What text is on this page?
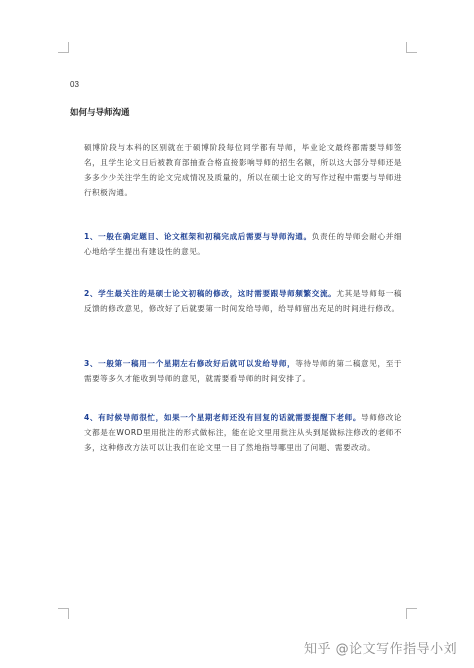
03
如何与导师沟通

硕博阶段与本科的区别就在于硕博阶段每位同学都有导师，毕业论文最终都需要导师签名，且学生论文日后被教育部抽查合格直接影响导师的招生名额，所以这大部分导师还是多多少少关注学生的论文完成情况及质量的，所以在硕士论文的写作过程中需要与导师进行积极沟通。

1、一般在确定题目、论文框架和初稿完成后需要与导师沟通。负责任的导师会耐心并细心地给学生提出有建设性的意见。

2、学生最关注的是硕士论文初稿的修改，这时需要跟导师频繁交流。尤其是导师每一稿反馈的修改意见，修改好了后就要第一时间发给导师，给导师留出充足的时间进行修改。

3、一般第一稿用一个星期左右修改好后就可以发给导师，等待导师的第二稿意见，至于需要等多久才能收到导师的意见，就需要看导师的时间安排了。

4、有时候导师很忙，如果一个星期老师还没有回复的话就需要提醒下老师。导师修改论文都是在WORD里用批注的形式做标注，能在论文里用批注从头到尾做标注修改的老师不多，这种修改方法可以让我们在论文里一目了然地指导哪里出了问题、需要改动。

知乎 @论文写作指导小刘
